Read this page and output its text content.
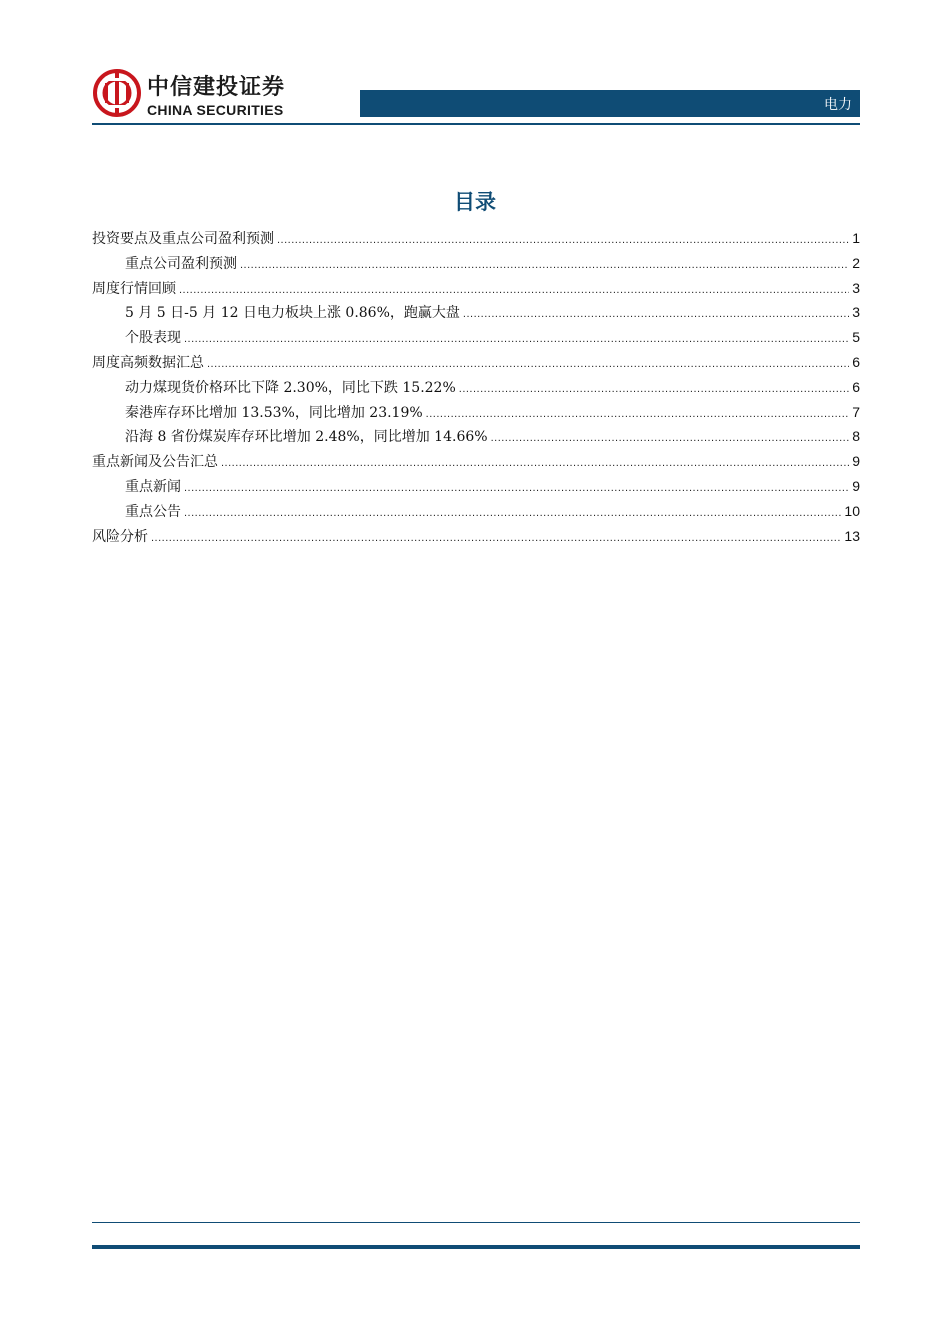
中信建投证券
CHINA SECURITIES	电力
目录
投资要点及重点公司盈利预测 .....	1
重点公司盈利预测 .....	2
周度行情回顾 .....	3
5 月 5 日-5 月 12 日电力板块上涨 0.86%，跑赢大盘 .....	3
个股表现 .....	5
周度高频数据汇总 .....	6
动力煤现货价格环比下降 2.30%，同比下跌 15.22% .....	6
秦港库存环比增加 13.53%，同比增加 23.19% .....	7
沿海 8 省份煤炭库存环比增加 2.48%，同比增加 14.66% .....	8
重点新闻及公告汇总 .....	9
重点新闻 .....	9
重点公告 .....	10
风险分析 .....	13
